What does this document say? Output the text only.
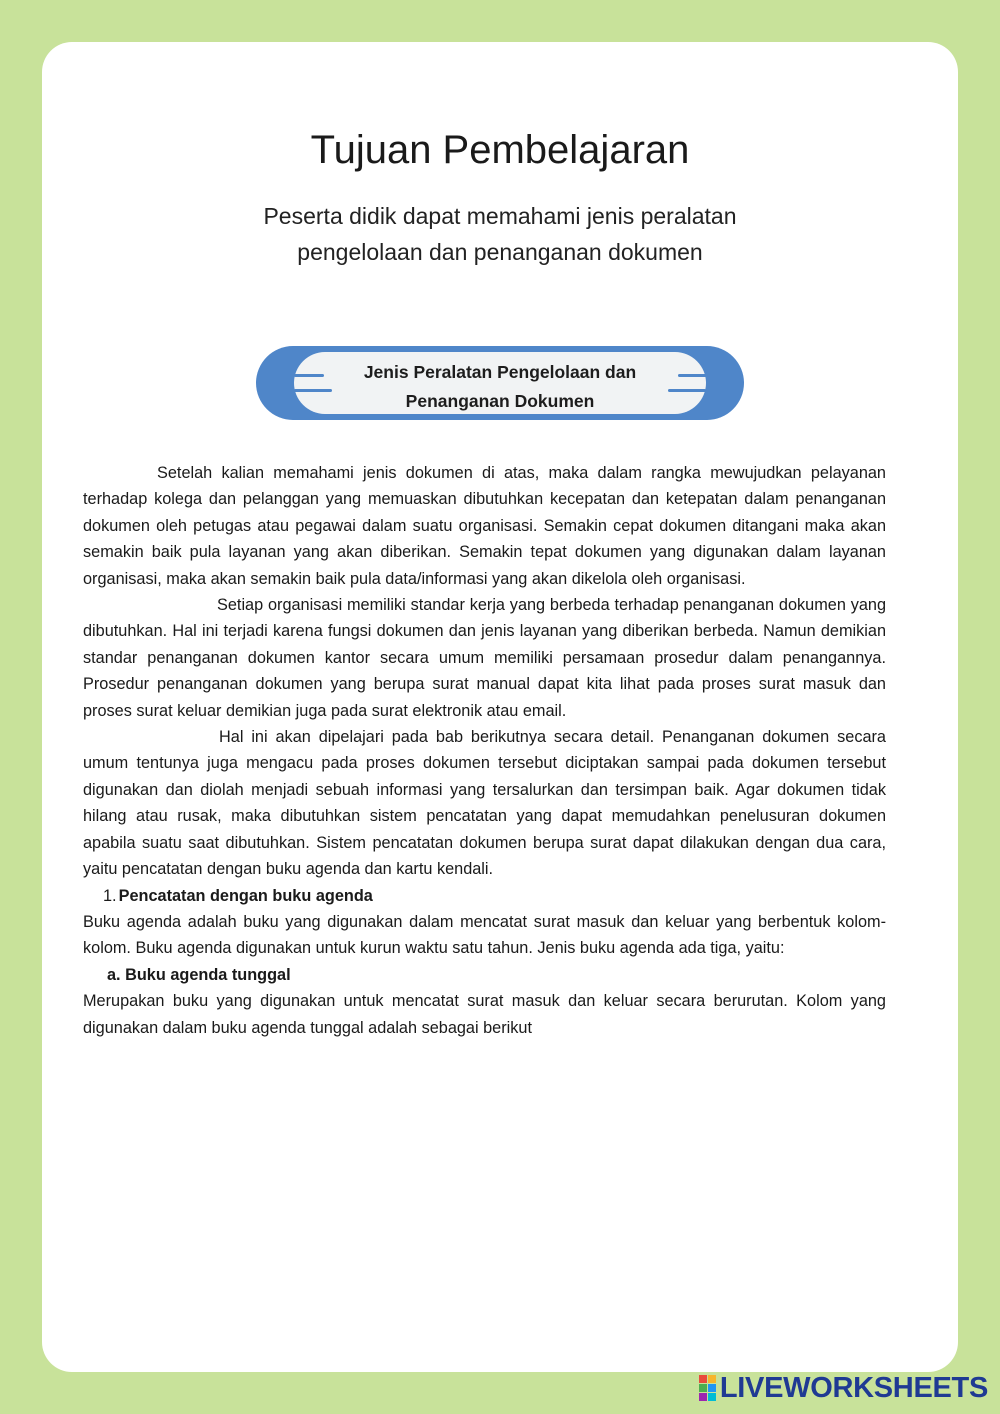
Tujuan Pembelajaran
Peserta didik dapat memahami jenis peralatan
pengelolaan dan penanganan dokumen
Jenis Peralatan Pengelolaan dan
Penanganan Dokumen

Setelah kalian memahami jenis dokumen di atas, maka dalam rangka mewujudkan pelayanan terhadap kolega dan pelanggan yang memuaskan dibutuhkan kecepatan dan ketepatan dalam penanganan dokumen oleh petugas atau pegawai dalam suatu organisasi. Semakin cepat dokumen ditangani maka akan semakin baik pula layanan yang akan diberikan. Semakin tepat dokumen yang digunakan dalam layanan organisasi, maka akan semakin baik pula data/informasi yang akan dikelola oleh organisasi.

Setiap organisasi memiliki standar kerja yang berbeda terhadap penanganan dokumen yang dibutuhkan. Hal ini terjadi karena fungsi dokumen dan jenis layanan yang diberikan berbeda. Namun demikian standar penanganan dokumen kantor secara umum memiliki persamaan prosedur dalam penangannya. Prosedur penanganan dokumen yang berupa surat manual dapat kita lihat pada proses surat masuk dan proses surat keluar demikian juga pada surat elektronik atau email.

Hal ini akan dipelajari pada bab berikutnya secara detail. Penanganan dokumen secara umum tentunya juga mengacu pada proses dokumen tersebut diciptakan sampai pada dokumen tersebut digunakan dan diolah menjadi sebuah informasi yang tersalurkan dan tersimpan baik. Agar dokumen tidak hilang atau rusak, maka dibutuhkan sistem pencatatan yang dapat memudahkan penelusuran dokumen apabila suatu saat dibutuhkan. Sistem pencatatan dokumen berupa surat dapat dilakukan dengan dua cara, yaitu pencatatan dengan buku agenda dan kartu kendali.

1. Pencatatan dengan buku agenda

Buku agenda adalah buku yang digunakan dalam mencatat surat masuk dan keluar yang berbentuk kolom-kolom. Buku agenda digunakan untuk kurun waktu satu tahun. Jenis buku agenda ada tiga, yaitu:

a. Buku agenda tunggal

Merupakan buku yang digunakan untuk mencatat surat masuk dan keluar secara berurutan. Kolom yang digunakan dalam buku agenda tunggal adalah sebagai berikut

LIVEWORKSHEETS
